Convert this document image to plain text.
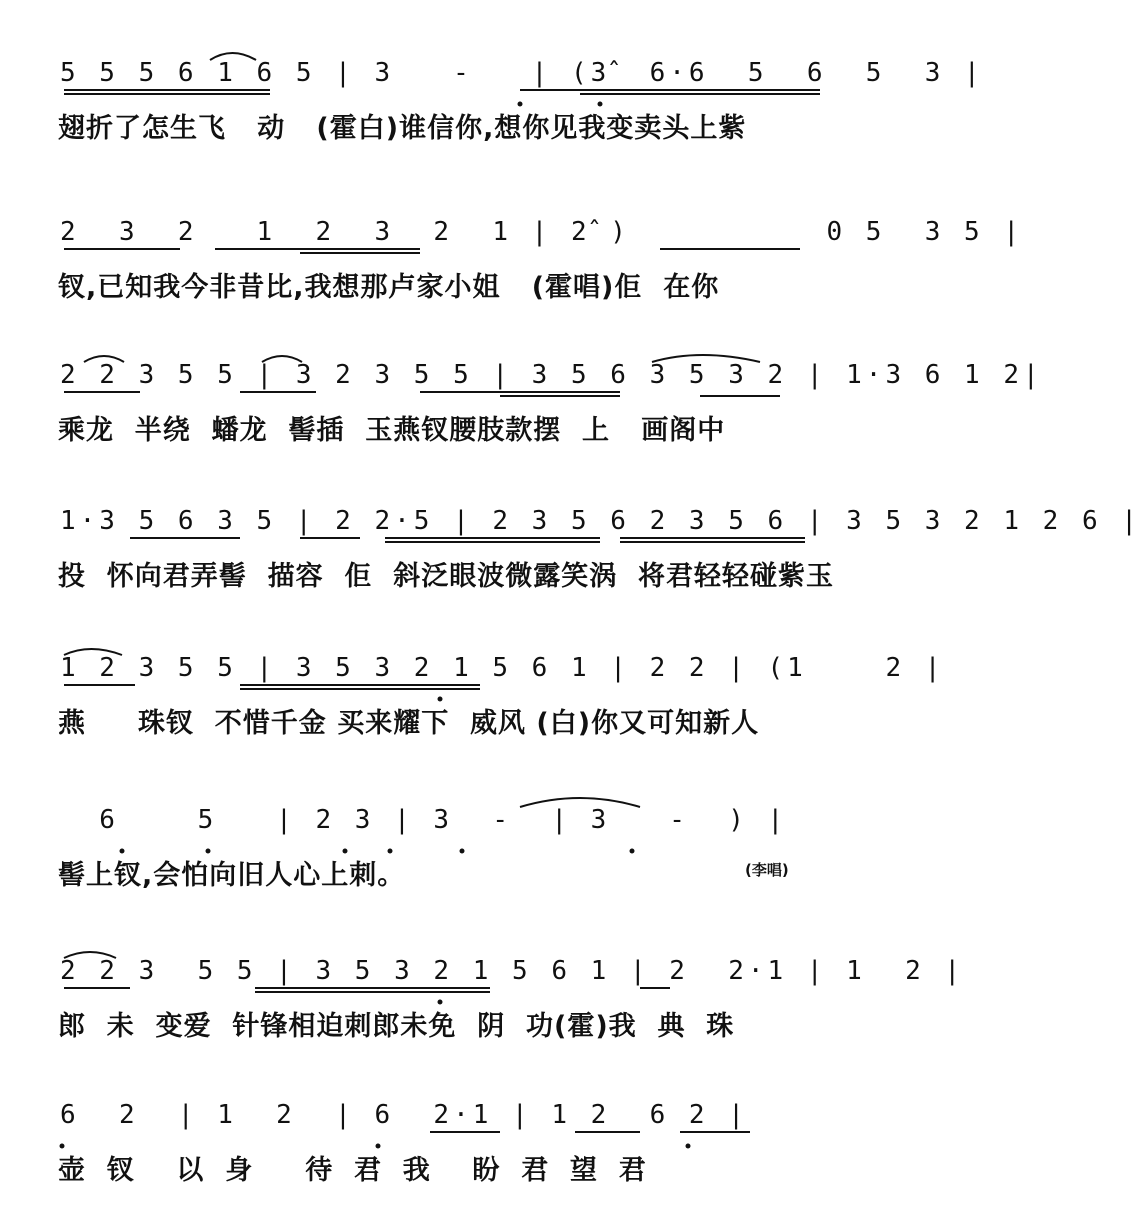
5 5 5 6 1 6 5 | 3   -   | (3̂  6·6  5  6  5  3 |
翅折了怎生飞   动   (霍白)谁信你,想你见我变卖头上紫
2  3  2   1  2  3  2  1 | 2̂ )          0 5  3 5 |
钗,已知我今非昔比,我想那卢家小姐   (霍唱)佢  在你
2 2 3 5 5 | 3 2 3 5 5 | 3 5 6 3 5 3 2 | 1·3 6 1 2|
乘龙  半绕  蟠龙  髻插  玉燕钗腰肢款摆  上   画阁中
1·3 5 6 3 5 | 2 2·5 | 2 3 5 6 2 3 5 6 | 3 5 3 2 1 2 6 |
投  怀向君弄髻  描容  佢  斜泛眼波微露笑涡  将君轻轻碰紫玉
1 2 3 5 5 | 3 5 3 2 1 5 6 1 | 2 2 | (1    2 |
燕     珠钗  不惜千金 买来耀下  威风 (白)你又可知新人
6    5   | 2 3 | 3  -  | 3   -  ) |
髻上钗,会怕向旧人心上刺。	(李唱)
2 2 3  5 5 | 3 5 3 2 1 5 6 1 | 2  2·1 | 1  2 |
郎  未  变爱  针锋相迫刺郎未免  阴  功(霍)我  典  珠
6  2  | 1  2  | 6  2·1 | 1 2  6 2 |
壶  钗    以  身     待  君  我    盼  君  望  君
